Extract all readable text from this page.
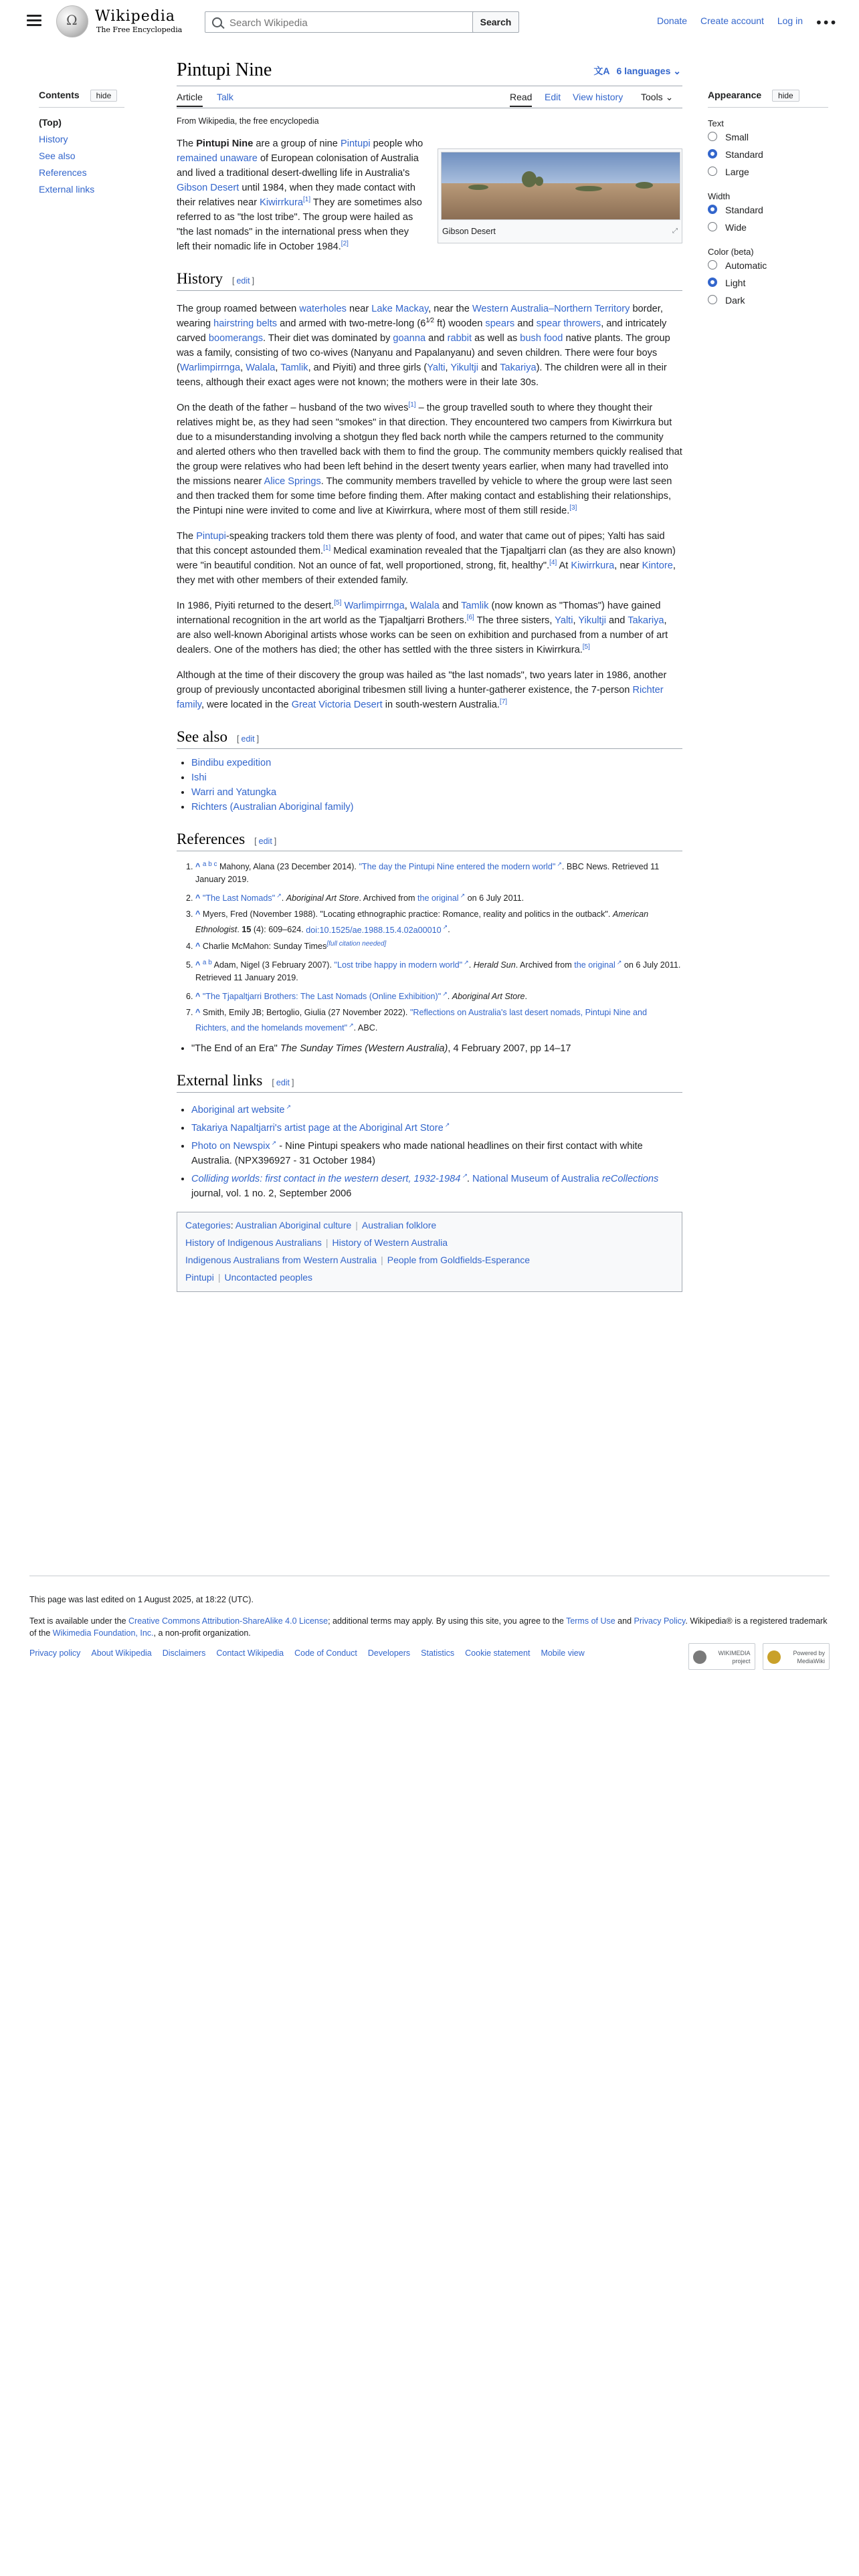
Ω
Wikipedia
The Free Encyclopedia
Search Wikipedia
Search	Donate Create account Log in •••
Contents hide
(Top)
History
See also
References
External links
Pintupi Nine	文A 6 languages ⌄
Article Talk	Read Edit View history Tools ⌄
From Wikipedia, the free encyclopedia
⤢
Gibson Desert

The Pintupi Nine are a group of nine Pintupi people who remained unaware of European colonisation of Australia and lived a traditional desert-dwelling life in Australia's Gibson Desert until 1984, when they made contact with their relatives near Kiwirrkura[1] They are sometimes also referred to as "the lost tribe". The group were hailed as "the last nomads" in the international press when they left their nomadic life in October 1984.[2]

History [ edit ]

The group roamed between waterholes near Lake Mackay, near the Western Australia–Northern Territory border, wearing hairstring belts and armed with two-metre-long ($6^{1⁄2}$ ft) wooden spears and spear throwers, and intricately carved boomerangs. Their diet was dominated by goanna and rabbit as well as bush food native plants. The group was a family, consisting of two co-wives (Nanyanu and Papalanyanu) and seven children. There were four boys (Warlimpirrnga, Walala, Tamlik, and Piyiti) and three girls (Yalti, Yikultji and Takariya). The children were all in their teens, although their exact ages were not known; the mothers were in their late 30s.

On the death of the father – husband of the two wives[1] – the group travelled south to where they thought their relatives might be, as they had seen "smokes" in that direction. They encountered two campers from Kiwirrkura but due to a misunderstanding involving a shotgun they fled back north while the campers returned to the community and alerted others who then travelled back with them to find the group. The community members quickly realised that the group were relatives who had been left behind in the desert twenty years earlier, when many had travelled into the missions nearer Alice Springs. The community members travelled by vehicle to where the group were last seen and then tracked them for some time before finding them. After making contact and establishing their relationships, the Pintupi nine were invited to come and live at Kiwirrkura, where most of them still reside.[3]

The Pintupi-speaking trackers told them there was plenty of food, and water that came out of pipes; Yalti has said that this concept astounded them.[1] Medical examination revealed that the Tjapaltjarri clan (as they are also known) were "in beautiful condition. Not an ounce of fat, well proportioned, strong, fit, healthy".[4] At Kiwirrkura, near Kintore, they met with other members of their extended family.

In 1986, Piyiti returned to the desert.[5] Warlimpirrnga, Walala and Tamlik (now known as "Thomas") have gained international recognition in the art world as the Tjapaltjarri Brothers.[6] The three sisters, Yalti, Yikultji and Takariya, are also well-known Aboriginal artists whose works can be seen on exhibition and purchased from a number of art dealers. One of the mothers has died; the other has settled with the three sisters in Kiwirrkura.[5]

Although at the time of their discovery the group was hailed as "the last nomads", two years later in 1986, another group of previously uncontacted aboriginal tribesmen still living a hunter-gatherer existence, the 7-person Richter family, were located in the Great Victoria Desert in south-western Australia.[7]

See also [ edit ]
• Bindibu expedition
• Ishi
• Warri and Yatungka
• Richters (Australian Aboriginal family)
References [ edit ]
1. ^ $^{a b c}$ Mahony, Alana (23 December 2014). "The day the Pintupi Nine entered the modern world" ↗ . BBC News. Retrieved 11 January 2019.
2. ^ "The Last Nomads" ↗ . Aboriginal Art Store. Archived from the original ↗ on 6 July 2011.
3. ^ Myers, Fred (November 1988). "Locating ethnographic practice: Romance, reality and politics in the outback". American Ethnologist. 15 (4): 609–624. doi:10.1525/ae.1988.15.4.02a00010 ↗ .
4. ^ Charlie McMahon: Sunday Times[full citation needed]
5. ^ $^{a b}$ Adam, Nigel (3 February 2007). "Lost tribe happy in modern world" ↗ . Herald Sun. Archived from the original ↗ on 6 July 2011. Retrieved 11 January 2019.
6. ^ "The Tjapaltjarri Brothers: The Last Nomads (Online Exhibition)" ↗ . Aboriginal Art Store.
7. ^ Smith, Emily JB; Bertoglio, Giulia (27 November 2022). "Reflections on Australia's last desert nomads, Pintupi Nine and Richters, and the homelands movement" ↗ . ABC.
• "The End of an Era" The Sunday Times (Western Australia), 4 February 2007, pp 14–17
External links [ edit ]
• Aboriginal art website ↗
• Takariya Napaltjarri's artist page at the Aboriginal Art Store ↗
• Photo on Newspix ↗ - Nine Pintupi speakers who made national headlines on their first contact with white Australia. (NPX396927 - 31 October 1984)
• Colliding worlds: first contact in the western desert, 1932-1984 ↗ . National Museum of Australia reCollections journal, vol. 1 no. 2, September 2006
Categories: Australian Aboriginal culture | Australian folklore
History of Indigenous Australians | History of Western Australia
Indigenous Australians from Western Australia | People from Goldfields-Esperance
Pintupi | Uncontacted peoples
Appearance hide
Text
Small
Standard
Large
Width
Standard
Wide
Color (beta)
Automatic
Light
Dark

This page was last edited on 1 August 2025, at 18:22 (UTC).

Text is available under the Creative Commons Attribution-ShareAlike 4.0 License; additional terms may apply. By using this site, you agree to the Terms of Use and Privacy Policy. Wikipedia® is a registered trademark of the Wikimedia Foundation, Inc., a non-profit organization.

Privacy policy About Wikipedia Disclaimers Contact Wikipedia Code of Conduct Developers Statistics Cookie statement Mobile view	WIKIMEDIA project
Powered by MediaWiki
